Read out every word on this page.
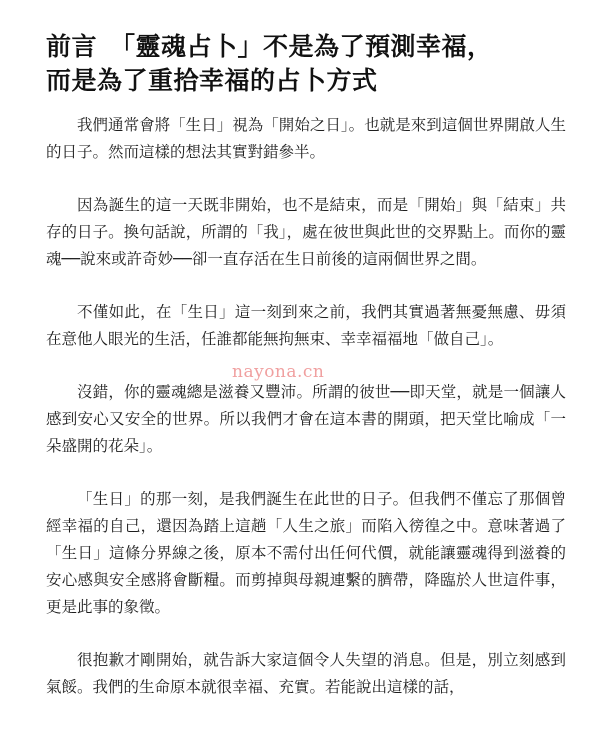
前言　「靈魂占卜」不是為了預測幸福，
而是為了重拾幸福的占卜方式

我們通常會將「生日」視為「開始之日」。也就是來到這個世界開啟人生的日子。然而這樣的想法其實對錯參半。

因為誕生的這一天既非開始，也不是結束，而是「開始」與「結束」共存的日子。換句話說，所謂的「我」，處在彼世與此世的交界點上。而你的靈魂──說來或許奇妙──卻一直存活在生日前後的這兩個世界之間。

不僅如此，在「生日」這一刻到來之前，我們其實過著無憂無慮、毋須在意他人眼光的生活，任誰都能無拘無束、幸幸福福地「做自己」。

沒錯，你的靈魂總是滋養又豐沛。所謂的彼世──即天堂，就是一個讓人感到安心又安全的世界。所以我們才會在這本書的開頭，把天堂比喻成「一朵盛開的花朵」。

「生日」的那一刻，是我們誕生在此世的日子。但我們不僅忘了那個曾經幸福的自己，還因為踏上這趟「人生之旅」而陷入徬徨之中。意味著過了「生日」這條分界線之後，原本不需付出任何代價，就能讓靈魂得到滋養的安心感與安全感將會斷糧。而剪掉與母親連繫的臍帶，降臨於人世這件事，更是此事的象徵。

很抱歉才剛開始，就告訴大家這個令人失望的消息。但是，別立刻感到氣餒。我們的生命原本就很幸福、充實。若能說出這樣的話，

nayona.cn
